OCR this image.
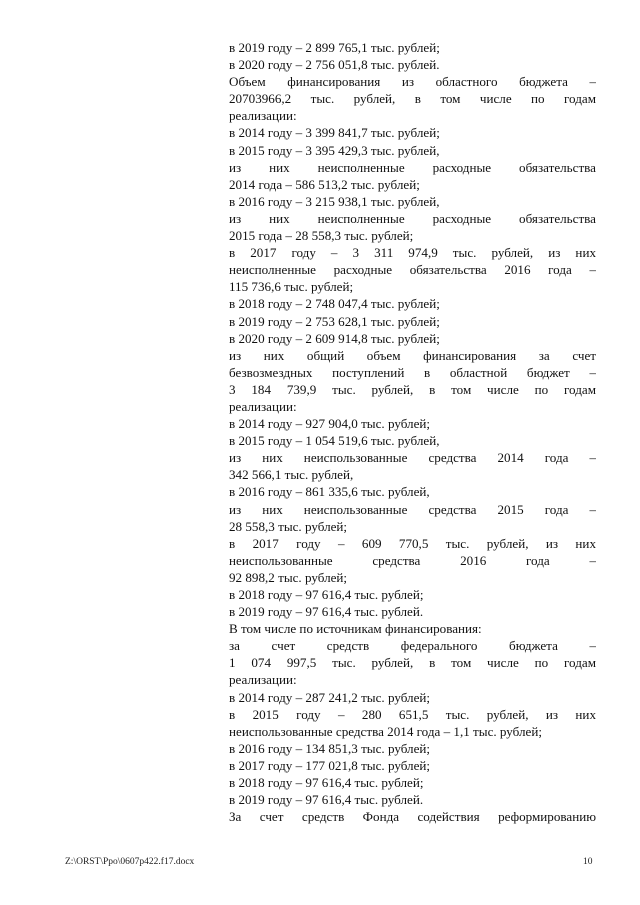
в 2019 году – 2 899 765,1 тыс. рублей;
в 2020 году – 2 756 051,8 тыс. рублей.
Объем финансирования из областного бюджета –
20703966,2 тыс. рублей, в том числе по годам
реализации:
в 2014 году – 3 399 841,7 тыс. рублей;
в 2015 году – 3 395 429,3 тыс. рублей,
из них неисполненные расходные обязательства
2014 года – 586 513,2 тыс. рублей;
в 2016 году – 3 215 938,1 тыс. рублей,
из них неисполненные расходные обязательства
2015 года – 28 558,3 тыс. рублей;
в 2017 году – 3 311 974,9 тыс. рублей, из них
неисполненные расходные обязательства 2016 года –
115 736,6 тыс. рублей;
в 2018 году – 2 748 047,4 тыс. рублей;
в 2019 году – 2 753 628,1 тыс. рублей;
в 2020 году – 2 609 914,8 тыс. рублей;
из них общий объем финансирования за счет
безвозмездных поступлений в областной бюджет –
3 184 739,9 тыс. рублей, в том числе по годам
реализации:
в 2014 году – 927 904,0 тыс. рублей;
в 2015 году – 1 054 519,6 тыс. рублей,
из них неиспользованные средства 2014 года –
342 566,1 тыс. рублей,
в 2016 году – 861 335,6 тыс. рублей,
из них неиспользованные средства 2015 года –
28 558,3 тыс. рублей;
в 2017 году – 609 770,5 тыс. рублей, из них
неиспользованные средства 2016 года –
92 898,2 тыс. рублей;
в 2018 году – 97 616,4 тыс. рублей;
в 2019 году – 97 616,4 тыс. рублей.
В том числе по источникам финансирования:
за счет средств федерального бюджета –
1 074 997,5 тыс. рублей, в том числе по годам
реализации:
в 2014 году – 287 241,2 тыс. рублей;
в 2015 году – 280 651,5 тыс. рублей, из них
неиспользованные средства 2014 года – 1,1 тыс. рублей;
в 2016 году – 134 851,3 тыс. рублей;
в 2017 году – 177 021,8 тыс. рублей;
в 2018 году – 97 616,4 тыс. рублей;
в 2019 году – 97 616,4 тыс. рублей.
За счет средств Фонда содействия реформированию
Z:\ORST\Ppo\0607p422.f17.docx	10
